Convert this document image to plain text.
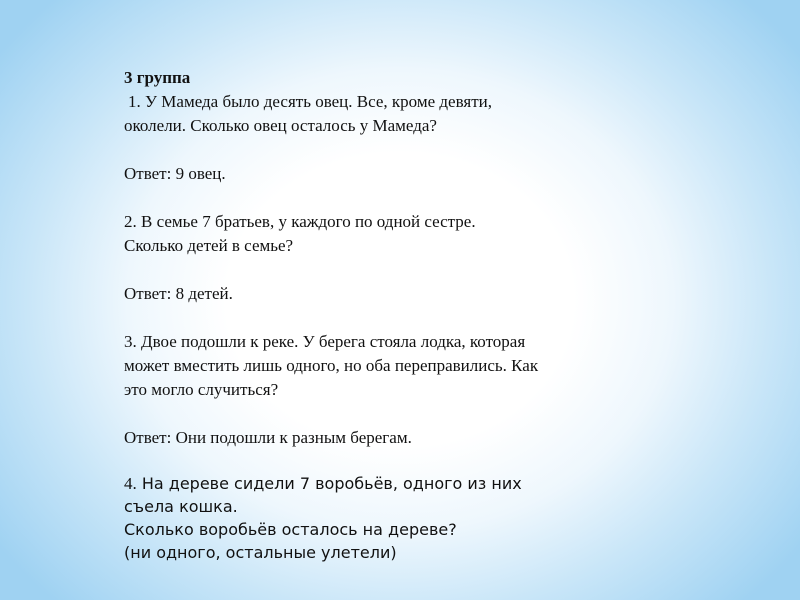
3 группа

1. У Мамеда было десять овец. Все, кроме девяти,

околели. Сколько овец осталось у Мамеда?

Ответ: 9 овец.

2. В семье 7 братьев, у каждого по одной сестре.

Сколько детей в семье?

Ответ: 8 детей.

3. Двое подошли к реке. У берега стояла лодка, которая

может вместить лишь одного, но оба переправились. Как

это могло случиться?

Ответ: Они подошли к разным берегам.

4. На дереве сидели 7 воробьёв, одного из них

съела кошка.

Сколько воробьёв осталось на дереве?

(ни одного, остальные улетели)
